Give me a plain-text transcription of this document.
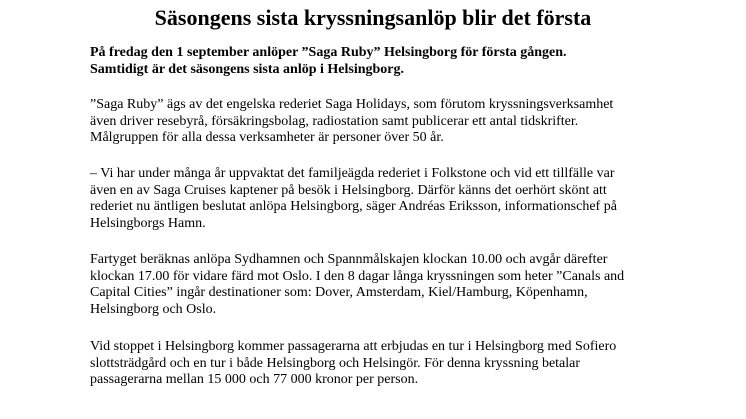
Säsongens sista kryssningsanlöp blir det första

På fredag den 1 september anlöper ”Saga Ruby” Helsingborg för första gången.
Samtidigt är det säsongens sista anlöp i Helsingborg.

”Saga Ruby” ägs av det engelska rederiet Saga Holidays, som förutom kryssningsverksamhet
även driver resebyrå, försäkringsbolag, radiostation samt publicerar ett antal tidskrifter.
Målgruppen för alla dessa verksamheter är personer över 50 år.

– Vi har under många år uppvaktat det familjeägda rederiet i Folkstone och vid ett tillfälle var
även en av Saga Cruises kaptener på besök i Helsingborg. Därför känns det oerhört skönt att
rederiet nu äntligen beslutat anlöpa Helsingborg, säger Andréas Eriksson, informationschef på
Helsingborgs Hamn.

Fartyget beräknas anlöpa Sydhamnen och Spannmålskajen klockan 10.00 och avgår därefter
klockan 17.00 för vidare färd mot Oslo. I den 8 dagar långa kryssningen som heter ”Canals and
Capital Cities” ingår destinationer som: Dover, Amsterdam, Kiel/Hamburg, Köpenhamn,
Helsingborg och Oslo.

Vid stoppet i Helsingborg kommer passagerarna att erbjudas en tur i Helsingborg med Sofiero
slottsträdgård och en tur i både Helsingborg och Helsingör. För denna kryssning betalar
passagerarna mellan 15 000 och 77 000 kronor per person.
